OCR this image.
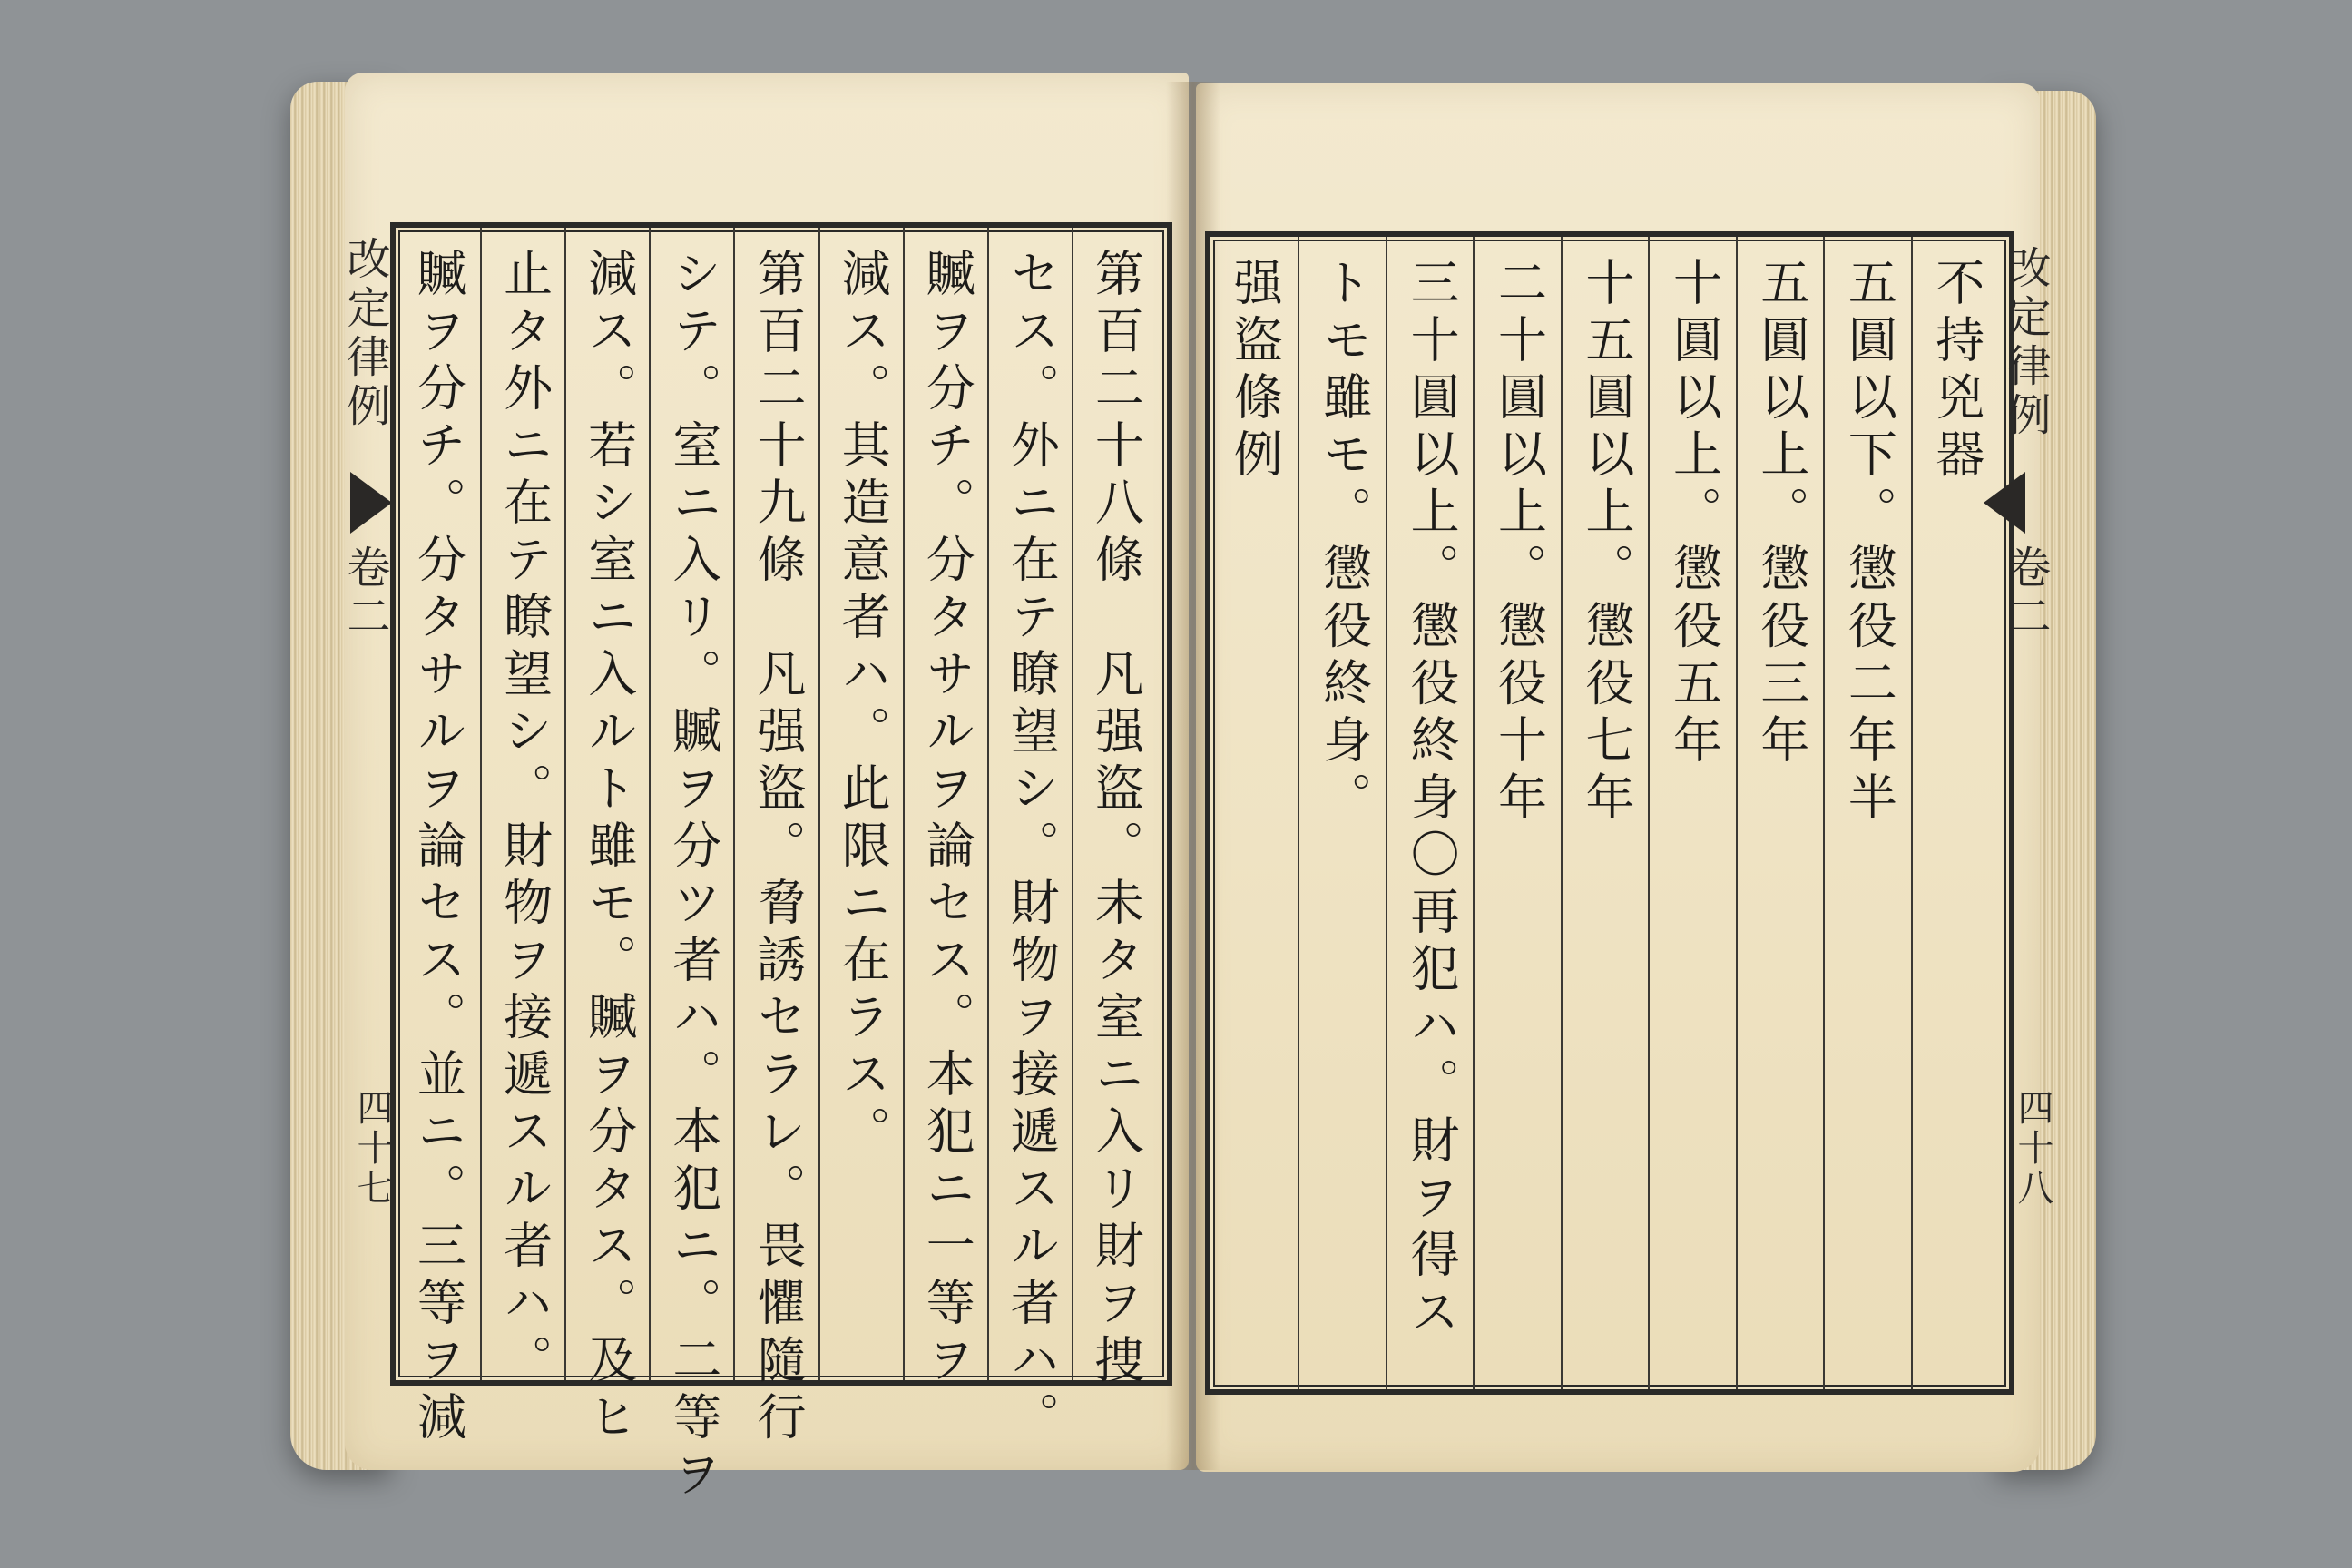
改定律例
卷二
四十七	第百二十八條　凡强盜。未タ室ニ入リ財ヲ捜
セス。外ニ在テ瞭望シ。財物ヲ接遞スル者ハ。
贓ヲ分チ。分タサルヲ論セス。本犯ニ一等ヲ
減ス。其造意者ハ。此限ニ在ラス。
第百二十九條　凡强盜。脅誘セラレ。畏懼隨行
シテ。室ニ入リ。贓ヲ分ツ者ハ。本犯ニ。二等ヲ
減ス。若シ室ニ入ルト雖モ。贓ヲ分タス。及ヒ
止タ外ニ在テ瞭望シ。財物ヲ接遞スル者ハ。
贓ヲ分チ。分タサルヲ論セス。並ニ。三等ヲ減	不持兇器
五圓以下。懲役二年半
五圓以上。懲役三年
十圓以上。懲役五年
十五圓以上。懲役七年
二十圓以上。懲役十年
三十圓以上。懲役終身〇再犯ハ。財ヲ得ス
トモ雖モ。懲役終身。
强盜條例	改定律例
卷二
四十八
